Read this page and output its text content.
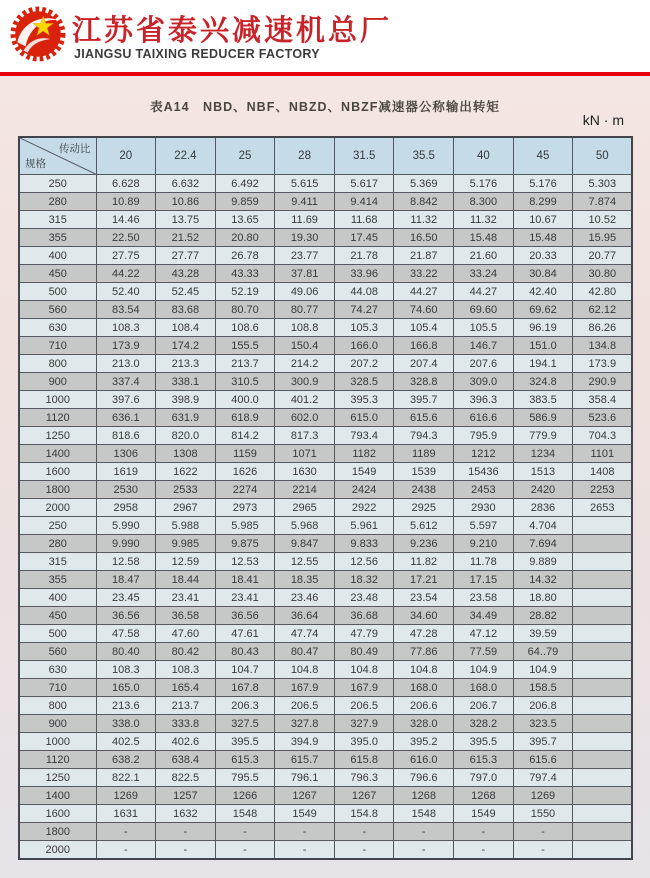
江苏省泰兴减速机总厂
JIANGSU TAIXING REDUCER FACTORY
表A14　NBD、NBF、NBZD、NBZF减速器公称输出转矩
kN · m
传动比
规格	20	22.4	25	28	31.5	35.5	40	45	50
250	6.628	6.632	6.492	5.615	5.617	5.369	5.176	5.176	5.303
280	10.89	10.86	9.859	9.411	9.414	8.842	8.300	8.299	7.874
315	14.46	13.75	13.65	11.69	11.68	11.32	11.32	10.67	10.52
355	22.50	21.52	20.80	19.30	17.45	16.50	15.48	15.48	15.95
400	27.75	27.77	26.78	23.77	21.78	21.87	21.60	20.33	20.77
450	44.22	43.28	43.33	37.81	33.96	33.22	33.24	30.84	30.80
500	52.40	52.45	52.19	49.06	44.08	44.27	44.27	42.40	42.80
560	83.54	83.68	80.70	80.77	74.27	74.60	69.60	69.62	62.12
630	108.3	108.4	108.6	108.8	105.3	105.4	105.5	96.19	86.26
710	173.9	174.2	155.5	150.4	166.0	166.8	146.7	151.0	134.8
800	213.0	213.3	213.7	214.2	207.2	207.4	207.6	194.1	173.9
900	337.4	338.1	310.5	300.9	328.5	328.8	309.0	324.8	290.9
1000	397.6	398.9	400.0	401.2	395.3	395.7	396.3	383.5	358.4
1120	636.1	631.9	618.9	602.0	615.0	615.6	616.6	586.9	523.6
1250	818.6	820.0	814.2	817.3	793.4	794.3	795.9	779.9	704.3
1400	1306	1308	1159	1071	1182	1189	1212	1234	1101
1600	1619	1622	1626	1630	1549	1539	15436	1513	1408
1800	2530	2533	2274	2214	2424	2438	2453	2420	2253
2000	2958	2967	2973	2965	2922	2925	2930	2836	2653
250	5.990	5.988	5.985	5.968	5.961	5.612	5.597	4.704	
280	9.990	9.985	9.875	9.847	9.833	9.236	9.210	7.694	
315	12.58	12.59	12.53	12.55	12.56	11.82	11.78	9.889	
355	18.47	18.44	18.41	18.35	18.32	17.21	17.15	14.32	
400	23.45	23.41	23.41	23.46	23.48	23.54	23.58	18.80	
450	36.56	36.58	36.56	36.64	36.68	34.60	34.49	28.82	
500	47.58	47.60	47.61	47.74	47.79	47.28	47.12	39.59	
560	80.40	80.42	80.43	80.47	80.49	77.86	77.59	64..79	
630	108.3	108.3	104.7	104.8	104.8	104.8	104.9	104.9	
710	165.0	165.4	167.8	167.9	167.9	168.0	168.0	158.5	
800	213.6	213.7	206.3	206.5	206.5	206.6	206.7	206.8	
900	338.0	333.8	327.5	327.8	327.9	328.0	328.2	323.5	
1000	402.5	402.6	395.5	394.9	395.0	395.2	395.5	395.7	
1120	638.2	638.4	615.3	615.7	615.8	616.0	615.3	615.6	
1250	822.1	822.5	795.5	796.1	796.3	796.6	797.0	797.4	
1400	1269	1257	1266	1267	1267	1268	1268	1269	
1600	1631	1632	1548	1549	154.8	1548	1549	1550	
1800	-	-	-	-	-	-	-	-	
2000	-	-	-	-	-	-	-	-	
